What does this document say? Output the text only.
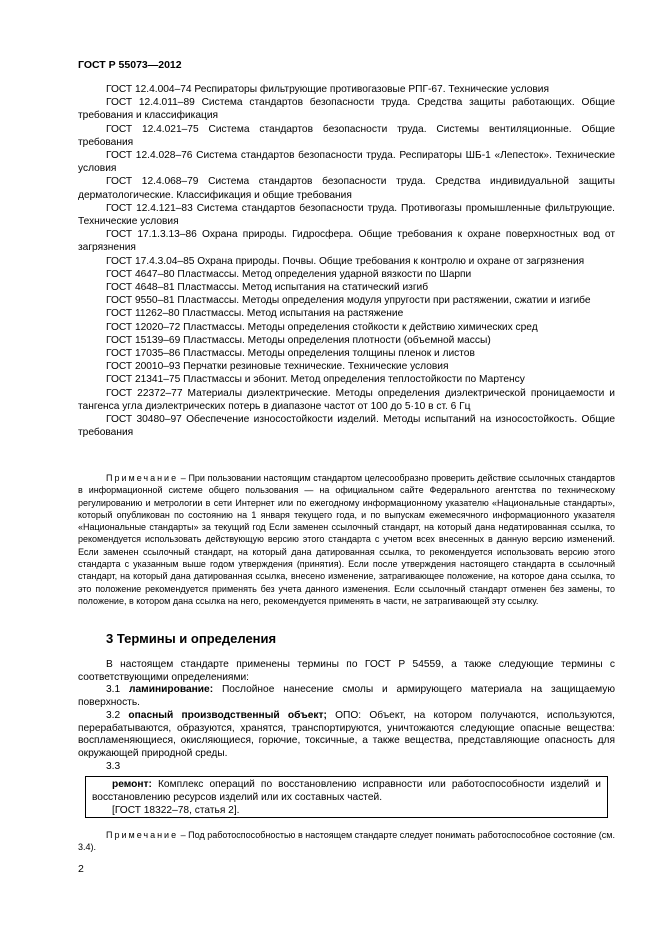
ГОСТ Р 55073—2012

ГОСТ 12.4.004–74 Респираторы фильтрующие противогазовые РПГ-67. Технические условия

ГОСТ 12.4.011–89 Система стандартов безопасности труда. Средства защиты работающих. Общие требования и классификация

ГОСТ 12.4.021–75 Система стандартов безопасности труда. Системы вентиляционные. Общие требования

ГОСТ 12.4.028–76 Система стандартов безопасности труда. Респираторы ШБ-1 «Лепесток». Технические условия

ГОСТ 12.4.068–79 Система стандартов безопасности труда. Средства индивидуальной защиты дерматологические. Классификация и общие требования

ГОСТ 12.4.121–83 Система стандартов безопасности труда. Противогазы промышленные фильтрующие. Технические условия

ГОСТ 17.1.3.13–86 Охрана природы. Гидросфера. Общие требования к охране поверхностных вод от загрязнения

ГОСТ 17.4.3.04–85 Охрана природы. Почвы. Общие требования к контролю и охране от загрязнения

ГОСТ 4647–80 Пластмассы. Метод определения ударной вязкости по Шарпи

ГОСТ 4648–81 Пластмассы. Метод испытания на статический изгиб

ГОСТ 9550–81 Пластмассы. Методы определения модуля упругости при растяжении, сжатии и изгибе

ГОСТ 11262–80 Пластмассы. Метод испытания на растяжение

ГОСТ 12020–72 Пластмассы. Методы определения стойкости к действию химических сред

ГОСТ 15139–69 Пластмассы. Методы определения плотности (объемной массы)

ГОСТ 17035–86 Пластмассы. Методы определения толщины пленок и листов

ГОСТ 20010–93 Перчатки резиновые технические. Технические условия

ГОСТ 21341–75 Пластмассы и эбонит. Метод определения теплостойкости по Мартенсу

ГОСТ 22372–77 Материалы диэлектрические. Методы определения диэлектрической проницаемости и тангенса угла диэлектрических потерь в диапазоне частот от 100 до 5·10 в ст. 6 Гц

ГОСТ 30480–97 Обеспечение износостойкости изделий. Методы испытаний на износостойкость. Общие требования

Примечание – При пользовании настоящим стандартом целесообразно проверить действие ссылочных стандартов в информационной системе общего пользования — на официальном сайте Федерального агентства по техническому регулированию и метрологии в сети Интернет или по ежегодному информационному указателю «Национальные стандарты», который опубликован по состоянию на 1 января текущего года, и по выпускам ежемесячного информационного указателя «Национальные стандарты» за текущий год Если заменен ссылочный стандарт, на который дана недатированная ссылка, то рекомендуется использовать действующую версию этого стандарта с учетом всех внесенных в данную версию изменений. Если заменен ссылочный стандарт, на который дана датированная ссылка, то рекомендуется использовать версию этого стандарта с указанным выше годом утверждения (принятия). Если после утверждения настоящего стандарта в ссылочный стандарт, на который дана датированная ссылка, внесено изменение, затрагивающее положение, на которое дана ссылка, то это положение рекомендуется применять без учета данного изменения. Если ссылочный стандарт отменен без замены, то положение, в котором дана ссылка на него, рекомендуется применять в части, не затрагивающей эту ссылку.

3 Термины и определения

В настоящем стандарте применены термины по ГОСТ Р 54559, а также следующие термины с соответствующими определениями:

3.1 ламинирование: Послойное нанесение смолы и армирующего материала на защищаемую поверхность.

3.2 опасный производственный объект; ОПО: Объект, на котором получаются, используются, перерабатываются, образуются, хранятся, транспортируются, уничтожаются следующие опасные вещества: воспламеняющиеся, окисляющиеся, горючие, токсичные, а также вещества, представляющие опасность для окружающей природной среды.

3.3

ремонт: Комплекс операций по восстановлению исправности или работоспособности изделий и восстановлению ресурсов изделий или их составных частей.

[ГОСТ 18322–78, статья 2].

Примечание – Под работоспособностью в настоящем стандарте следует понимать работоспособное состояние (см. 3.4).

2
